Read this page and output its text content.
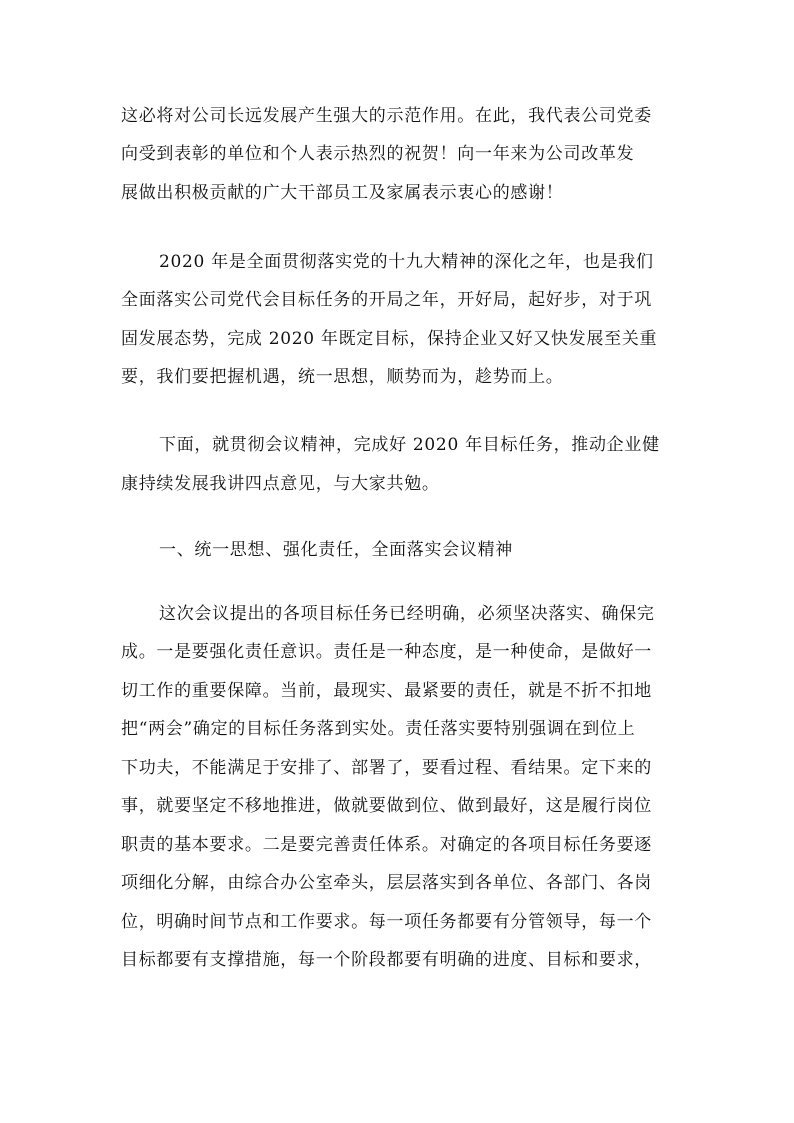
这必将对公司长远发展产生强大的示范作用。在此，我代表公司党委
向受到表彰的单位和个人表示热烈的祝贺！向一年来为公司改革发
展做出积极贡献的广大干部员工及家属表示衷心的感谢！
2020 年是全面贯彻落实党的十九大精神的深化之年，也是我们
全面落实公司党代会目标任务的开局之年，开好局，起好步，对于巩
固发展态势，完成 2020 年既定目标，保持企业又好又快发展至关重
要，我们要把握机遇，统一思想，顺势而为，趁势而上。
下面，就贯彻会议精神，完成好 2020 年目标任务，推动企业健
康持续发展我讲四点意见，与大家共勉。
一、统一思想、强化责任，全面落实会议精神
这次会议提出的各项目标任务已经明确，必须坚决落实、确保完
成。一是要强化责任意识。责任是一种态度，是一种使命，是做好一
切工作的重要保障。当前，最现实、最紧要的责任，就是不折不扣地
把“两会”确定的目标任务落到实处。责任落实要特别强调在到位上
下功夫，不能满足于安排了、部署了，要看过程、看结果。定下来的
事，就要坚定不移地推进，做就要做到位、做到最好，这是履行岗位
职责的基本要求。二是要完善责任体系。对确定的各项目标任务要逐
项细化分解，由综合办公室牵头，层层落实到各单位、各部门、各岗
位，明确时间节点和工作要求。每一项任务都要有分管领导，每一个
目标都要有支撑措施，每一个阶段都要有明确的进度、目标和要求，
